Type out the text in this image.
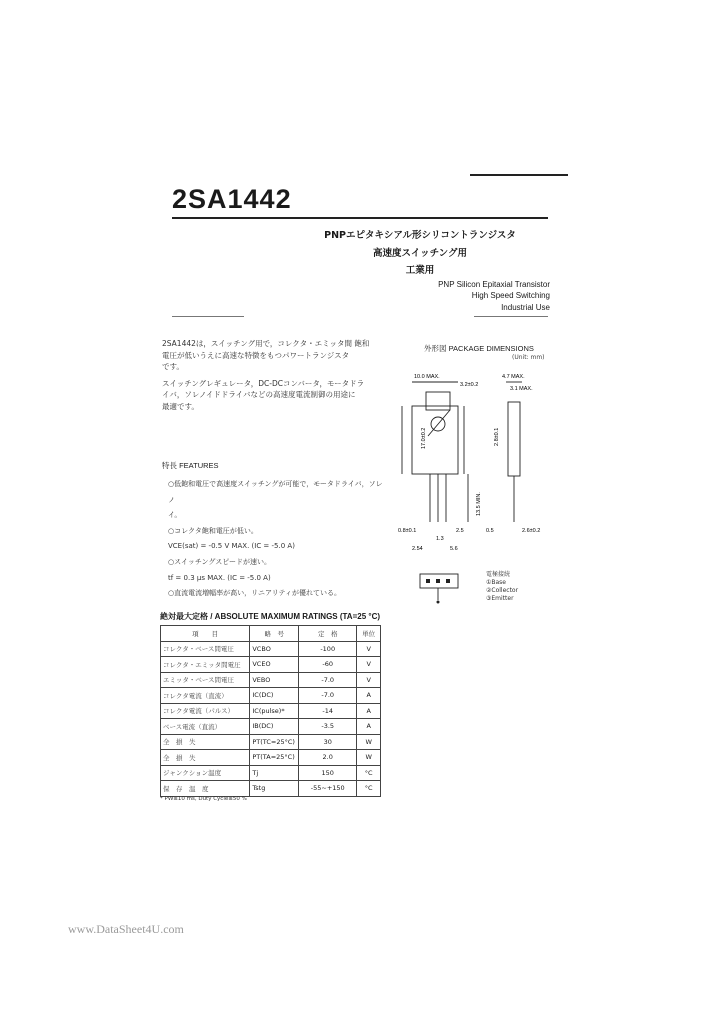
2SA1442
PNPエピタキシアル形シリコントランジスタ
高速度スイッチング用
工業用
PNP Silicon Epitaxial Transistor
High Speed Switching
Industrial Use
2SA1442は，スイッチング用で，コレクタ・エミッタ間 飽和
電圧が低いうえに高速な特徴をもつパワートランジスタ
です。
スイッチングレギュレータ，DC-DCコンバータ，モータドラ
イバ，ソレノイドドライバなどの高速度電流制御の用途に
最適です。
外形図 PACKAGE DIMENSIONS
(Unit: mm)
10.0 MAX.
3.2±0.2
4.7 MAX.
3.1 MAX.
17.0±0.2	2.8±0.1
13.5 MIN.
0.8±0.1
1.3
2.5
2.54
0.5
5.6
2.6±0.2
電極接続
①Base
②Collector
③Emitter
特長 FEATURES
○低飽和電圧で高速度スイッチングが可能で，モータドライバ，ソレノ
イ。
○コレクタ飽和電圧が低い。
VCE(sat) = -0.5 V MAX. (IC = -5.0 A)
○スイッチングスピードが速い。
tf = 0.3 μs MAX. (IC = -5.0 A)
○直流電流増幅率が高い，リニアリティが優れている。
絶対最大定格 / ABSOLUTE MAXIMUM RATINGS (TA=25 °C)
項　　目	略　号	定　格	単位
コレクタ・ベース間電圧	VCBO	-100	V
コレクタ・エミッタ間電圧	VCEO	-60	V
エミッタ・ベース間電圧	VEBO	-7.0	V
コレクタ電流（直流）	IC(DC)	-7.0	A
コレクタ電流（パルス）	IC(pulse)*	-14	A
ベース電流（直流）	IB(DC)	-3.5	A
全　損　失	PT(TC=25°C)	30	W
全　損　失	PT(TA=25°C)	2.0	W
ジャンクション温度	Tj	150	°C
保　存　温　度	Tstg	-55~+150	°C
* PW≤10 ms, Duty Cycle≤50 %
www.DataSheet4U.com
